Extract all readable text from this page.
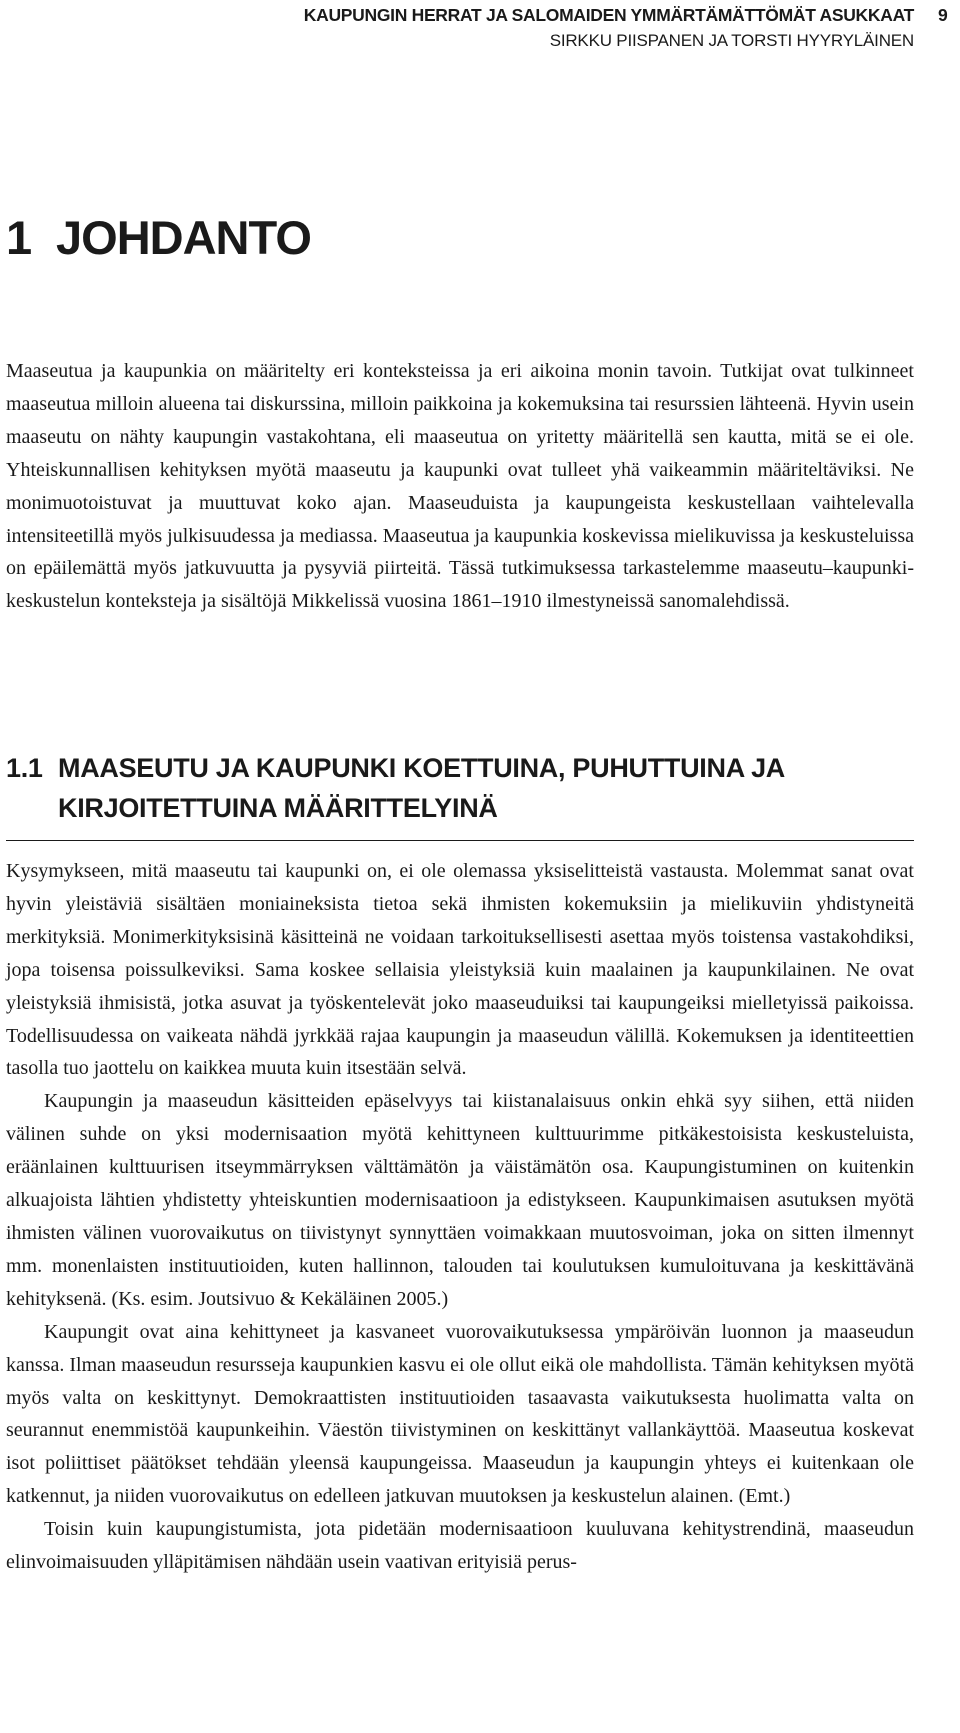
KAUPUNGIN HERRAT JA SALOMAIDEN YMMÄRTÄMÄTTÖMÄT ASUKKAAT
SIRKKU PIISPANEN JA TORSTI HYYRYLÄINEN
9
1 JOHDANTO

Maaseutua ja kaupunkia on määritelty eri konteksteissa ja eri aikoina monin tavoin. Tutkijat ovat tulkinneet maaseutua milloin alueena tai diskurssina, milloin paikkoina ja kokemuksina tai resurssien lähteenä. Hyvin usein maaseutu on nähty kaupungin vastakohtana, eli maaseutua on yritetty määritellä sen kautta, mitä se ei ole. Yhteiskunnallisen kehityksen myötä maaseutu ja kaupunki ovat tulleet yhä vaikeammin määriteltäviksi. Ne monimuotoistuvat ja muuttuvat koko ajan. Maaseuduista ja kaupungeista keskustellaan vaihtelevalla intensiteetillä myös julkisuudessa ja mediassa. Maaseutua ja kaupunkia koskevissa mielikuvissa ja keskusteluissa on epäilemättä myös jatkuvuutta ja pysyviä piirteitä. Tässä tutkimuksessa tarkastelemme maaseutu–kaupunki-keskustelun konteksteja ja sisältöjä Mikkelissä vuosina 1861–1910 ilmestyneissä sanomalehdissä.

1.1 MAASEUTU JA KAUPUNKI KOETTUINA, PUHUTTUINA JA KIRJOITETTUINA MÄÄRITTELYINÄ

Kysymykseen, mitä maaseutu tai kaupunki on, ei ole olemassa yksiselitteistä vastausta. Molemmat sanat ovat hyvin yleistäviä sisältäen moniaineksista tietoa sekä ihmisten kokemuksiin ja mielikuviin yhdistyneitä merkityksiä. Monimerkityksisinä käsitteinä ne voidaan tarkoituksellisesti asettaa myös toistensa vastakohdiksi, jopa toisensa poissulkeviksi. Sama koskee sellaisia yleistyksiä kuin maalainen ja kaupunkilainen. Ne ovat yleistyksiä ihmisistä, jotka asuvat ja työskentelevät joko maaseuduiksi tai kaupungeiksi mielletyissä paikoissa. Todellisuudessa on vaikeata nähdä jyrkkää rajaa kaupungin ja maaseudun välillä. Kokemuksen ja identiteettien tasolla tuo jaottelu on kaikkea muuta kuin itsestään selvä.

Kaupungin ja maaseudun käsitteiden epäselvyys tai kiistanalaisuus onkin ehkä syy siihen, että niiden välinen suhde on yksi modernisaation myötä kehittyneen kulttuurimme pitkäkestoisista keskusteluista, eräänlainen kulttuurisen itseymmärryksen välttämätön ja väistämätön osa. Kaupungistuminen on kuitenkin alkuajoista lähtien yhdistetty yhteiskuntien modernisaatioon ja edistykseen. Kaupunkimaisen asutuksen myötä ihmisten välinen vuorovaikutus on tiivistynyt synnyttäen voimakkaan muutosvoiman, joka on sitten ilmennyt mm. monenlaisten instituutioiden, kuten hallinnon, talouden tai koulutuksen kumuloituvana ja keskittävänä kehityksenä. (Ks. esim. Joutsivuo & Kekäläinen 2005.)

Kaupungit ovat aina kehittyneet ja kasvaneet vuorovaikutuksessa ympäröivän luonnon ja maaseudun kanssa. Ilman maaseudun resursseja kaupunkien kasvu ei ole ollut eikä ole mahdollista. Tämän kehityksen myötä myös valta on keskittynyt. Demokraattisten instituutioiden tasaavasta vaikutuksesta huolimatta valta on seurannut enemmistöä kaupunkeihin. Väestön tiivistyminen on keskittänyt vallankäyttöä. Maaseutua koskevat isot poliittiset päätökset tehdään yleensä kaupungeissa. Maaseudun ja kaupungin yhteys ei kuitenkaan ole katkennut, ja niiden vuorovaikutus on edelleen jatkuvan muutoksen ja keskustelun alainen. (Emt.)

Toisin kuin kaupungistumista, jota pidetään modernisaatioon kuuluvana kehitystrendinä, maaseudun elinvoimaisuuden ylläpitämisen nähdään usein vaativan erityisiä perus-
